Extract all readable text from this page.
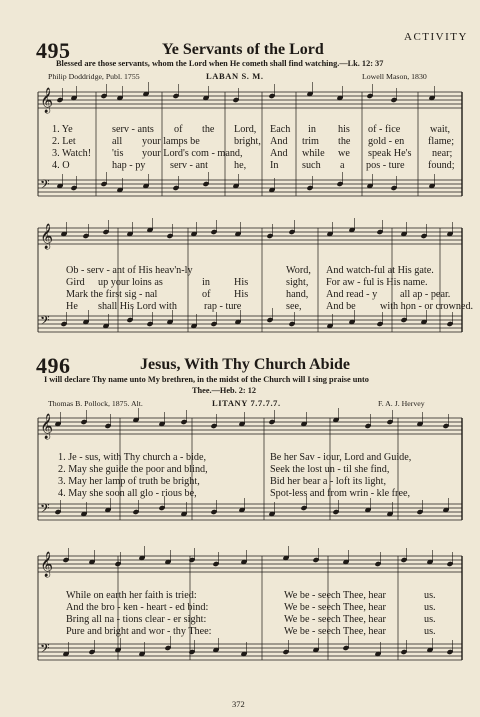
𝄞
𝄢
𝄞
𝄢
𝄞
𝄢
𝄞
𝄢
ACTIVITY
495	Ye Servants of the Lord
Blessed are those servants, whom the Lord when He cometh shall find watching.—Lk. 12: 37
Philip Doddridge, Publ. 1755	LABAN S. M.	Lowell Mason, 1830
1. Ye	serv - ants of the Lord, Each in his of - fice	wait,
2. Let	all your lamps be	bright, And trim the gold - en flame;
3. Watch! 'tis your Lord's com - mand,	And while we speak He's near;
4. O	hap - py serv - ant	he, In such a pos - ture found;
Ob - serv - ant of His heav'n-ly	Word, And watch-ful at His gate.
Gird up your loins as	in His	sight, For aw - ful is His name.
Mark the first sig - nal	of His	hand, And read - y all ap - pear.
He shall His Lord with	rap - ture	see, And be with hon - or crowned.
496	Jesus, With Thy Church Abide
I will declare Thy name unto My brethren, in the midst of the Church will I sing praise unto
Thee.—Heb. 2: 12
Thomas B. Pollock, 1875. Alt.	LITANY 7.7.7.7.	F. A. J. Hervey
1. Je - sus, with Thy church a - bide,	Be her Sav - iour, Lord and Guide,
2. May she guide the poor and blind,	Seek the lost un - til she find,
3. May her lamp of truth be bright,	Bid her bear a - loft its light,
4. May she soon all glo - rious be,	Spot-less and from wrin - kle free,
While on earth her faith is tried:	We be - seech Thee, hear	us.
And the bro - ken - heart - ed bind:	We be - seech Thee, hear	us.
Bring all na - tions clear - er sight:	We be - seech Thee, hear	us.
Pure and bright and wor - thy Thee:	We be - seech Thee, hear	us.
372
